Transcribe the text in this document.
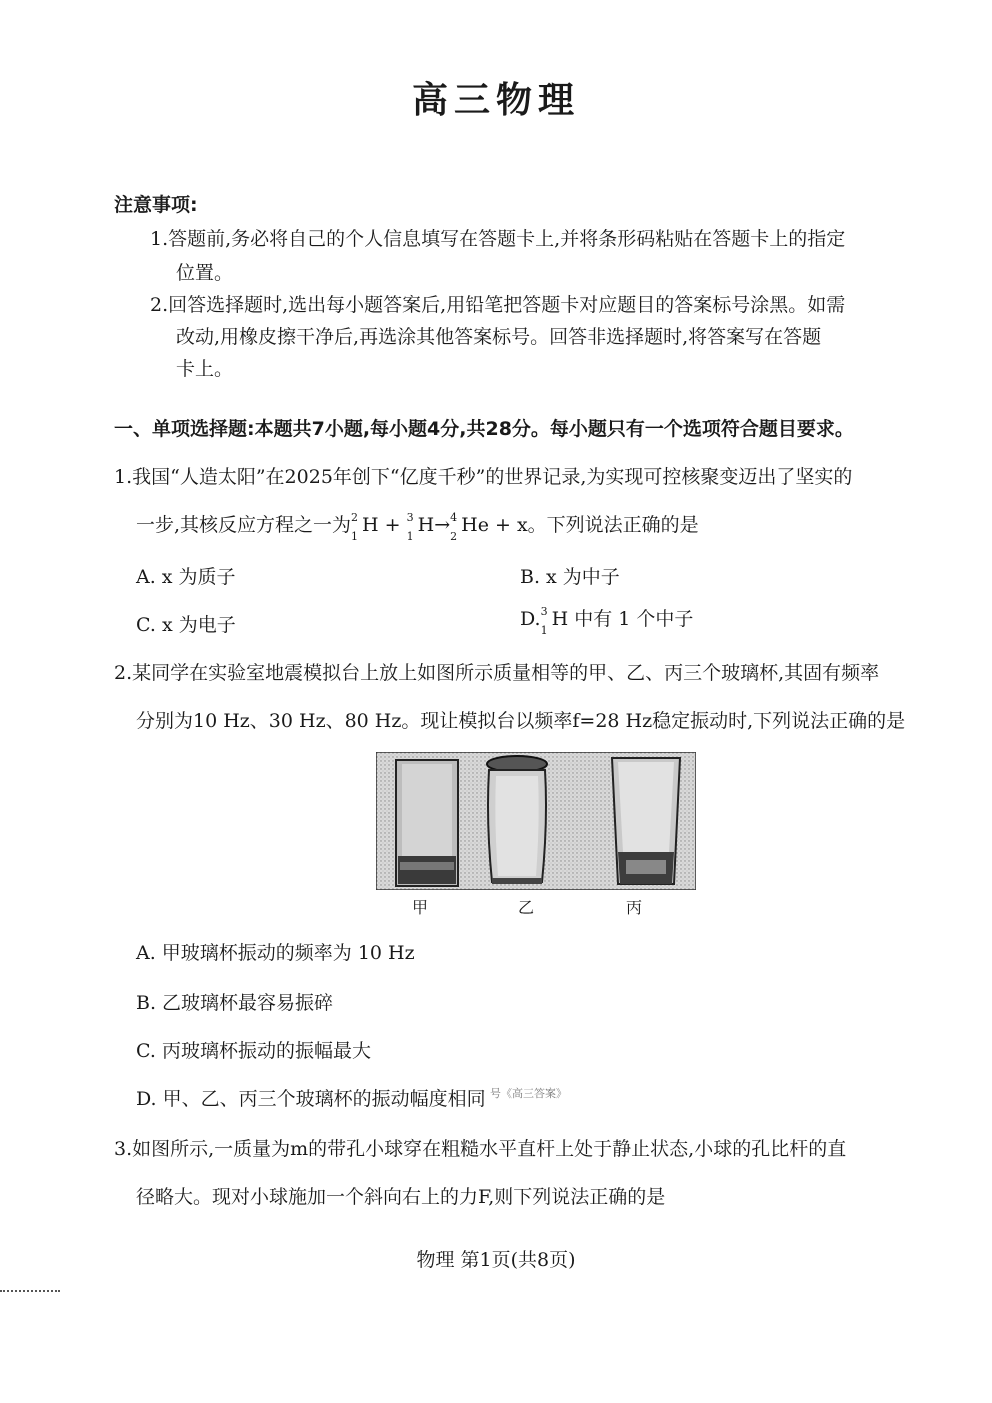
高三物理
注意事项:
1.答题前,务必将自己的个人信息填写在答题卡上,并将条形码粘贴在答题卡上的指定
位置。
2.回答选择题时,选出每小题答案后,用铅笔把答题卡对应题目的答案标号涂黑。如需
改动,用橡皮擦干净后,再选涂其他答案标号。回答非选择题时,将答案写在答题
卡上。
一、单项选择题:本题共7小题,每小题4分,共28分。每小题只有一个选项符合题目要求。
1.我国“人造太阳”在2025年创下“亿度千秒”的世界记录,为实现可控核聚变迈出了坚实的
一步,其核反应方程之一为 2
1
H + 3
1
H→ 4
2
He + x。下列说法正确的是
A. x 为质子	B. x 为中子
C. x 为电子	D. 3
1
H 中有 1 个中子
2.某同学在实验室地震模拟台上放上如图所示质量相等的甲、乙、丙三个玻璃杯,其固有频率
分别为10 Hz、30 Hz、80 Hz。现让模拟台以频率f=28 Hz稳定振动时,下列说法正确的是
甲	乙	丙
A. 甲玻璃杯振动的频率为 10 Hz
B. 乙玻璃杯最容易振碎
C. 丙玻璃杯振动的振幅最大
D. 甲、乙、丙三个玻璃杯的振动幅度相同 号《高三答案》
3.如图所示,一质量为m的带孔小球穿在粗糙水平直杆上处于静止状态,小球的孔比杆的直
径略大。现对小球施加一个斜向右上的力F,则下列说法正确的是
物理 第1页(共8页)
